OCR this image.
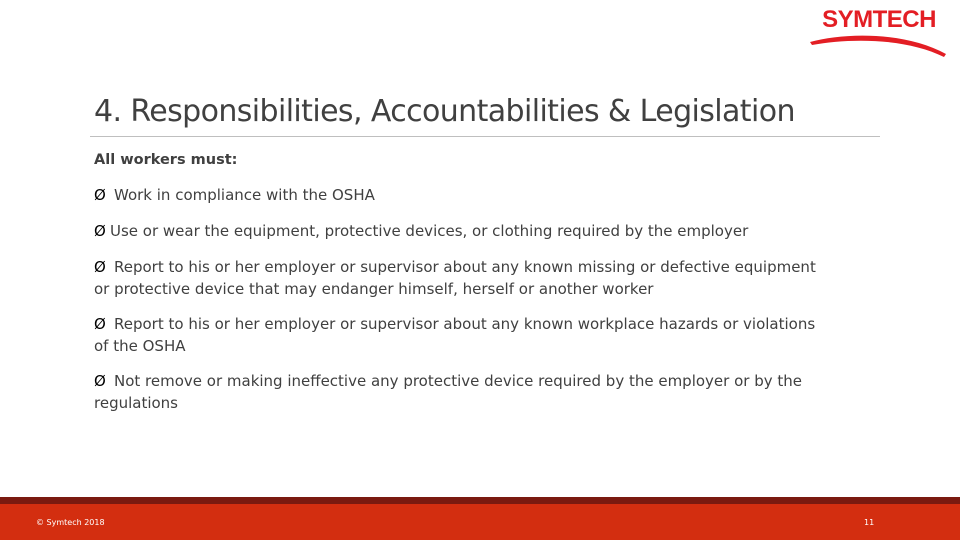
SYMTECH
4. Responsibilities, Accountabilities & Legislation
All workers must:
Ø Work in compliance with the OSHA
Ø Use or wear the equipment, protective devices, or clothing required by the employer
Ø Report to his or her employer or supervisor about any known missing or defective equipment
or protective device that may endanger himself, herself or another worker
Ø Report to his or her employer or supervisor about any known workplace hazards or violations
of the OSHA
Ø Not remove or making ineffective any protective device required by the employer or by the
regulations
© Symtech 2018	11
